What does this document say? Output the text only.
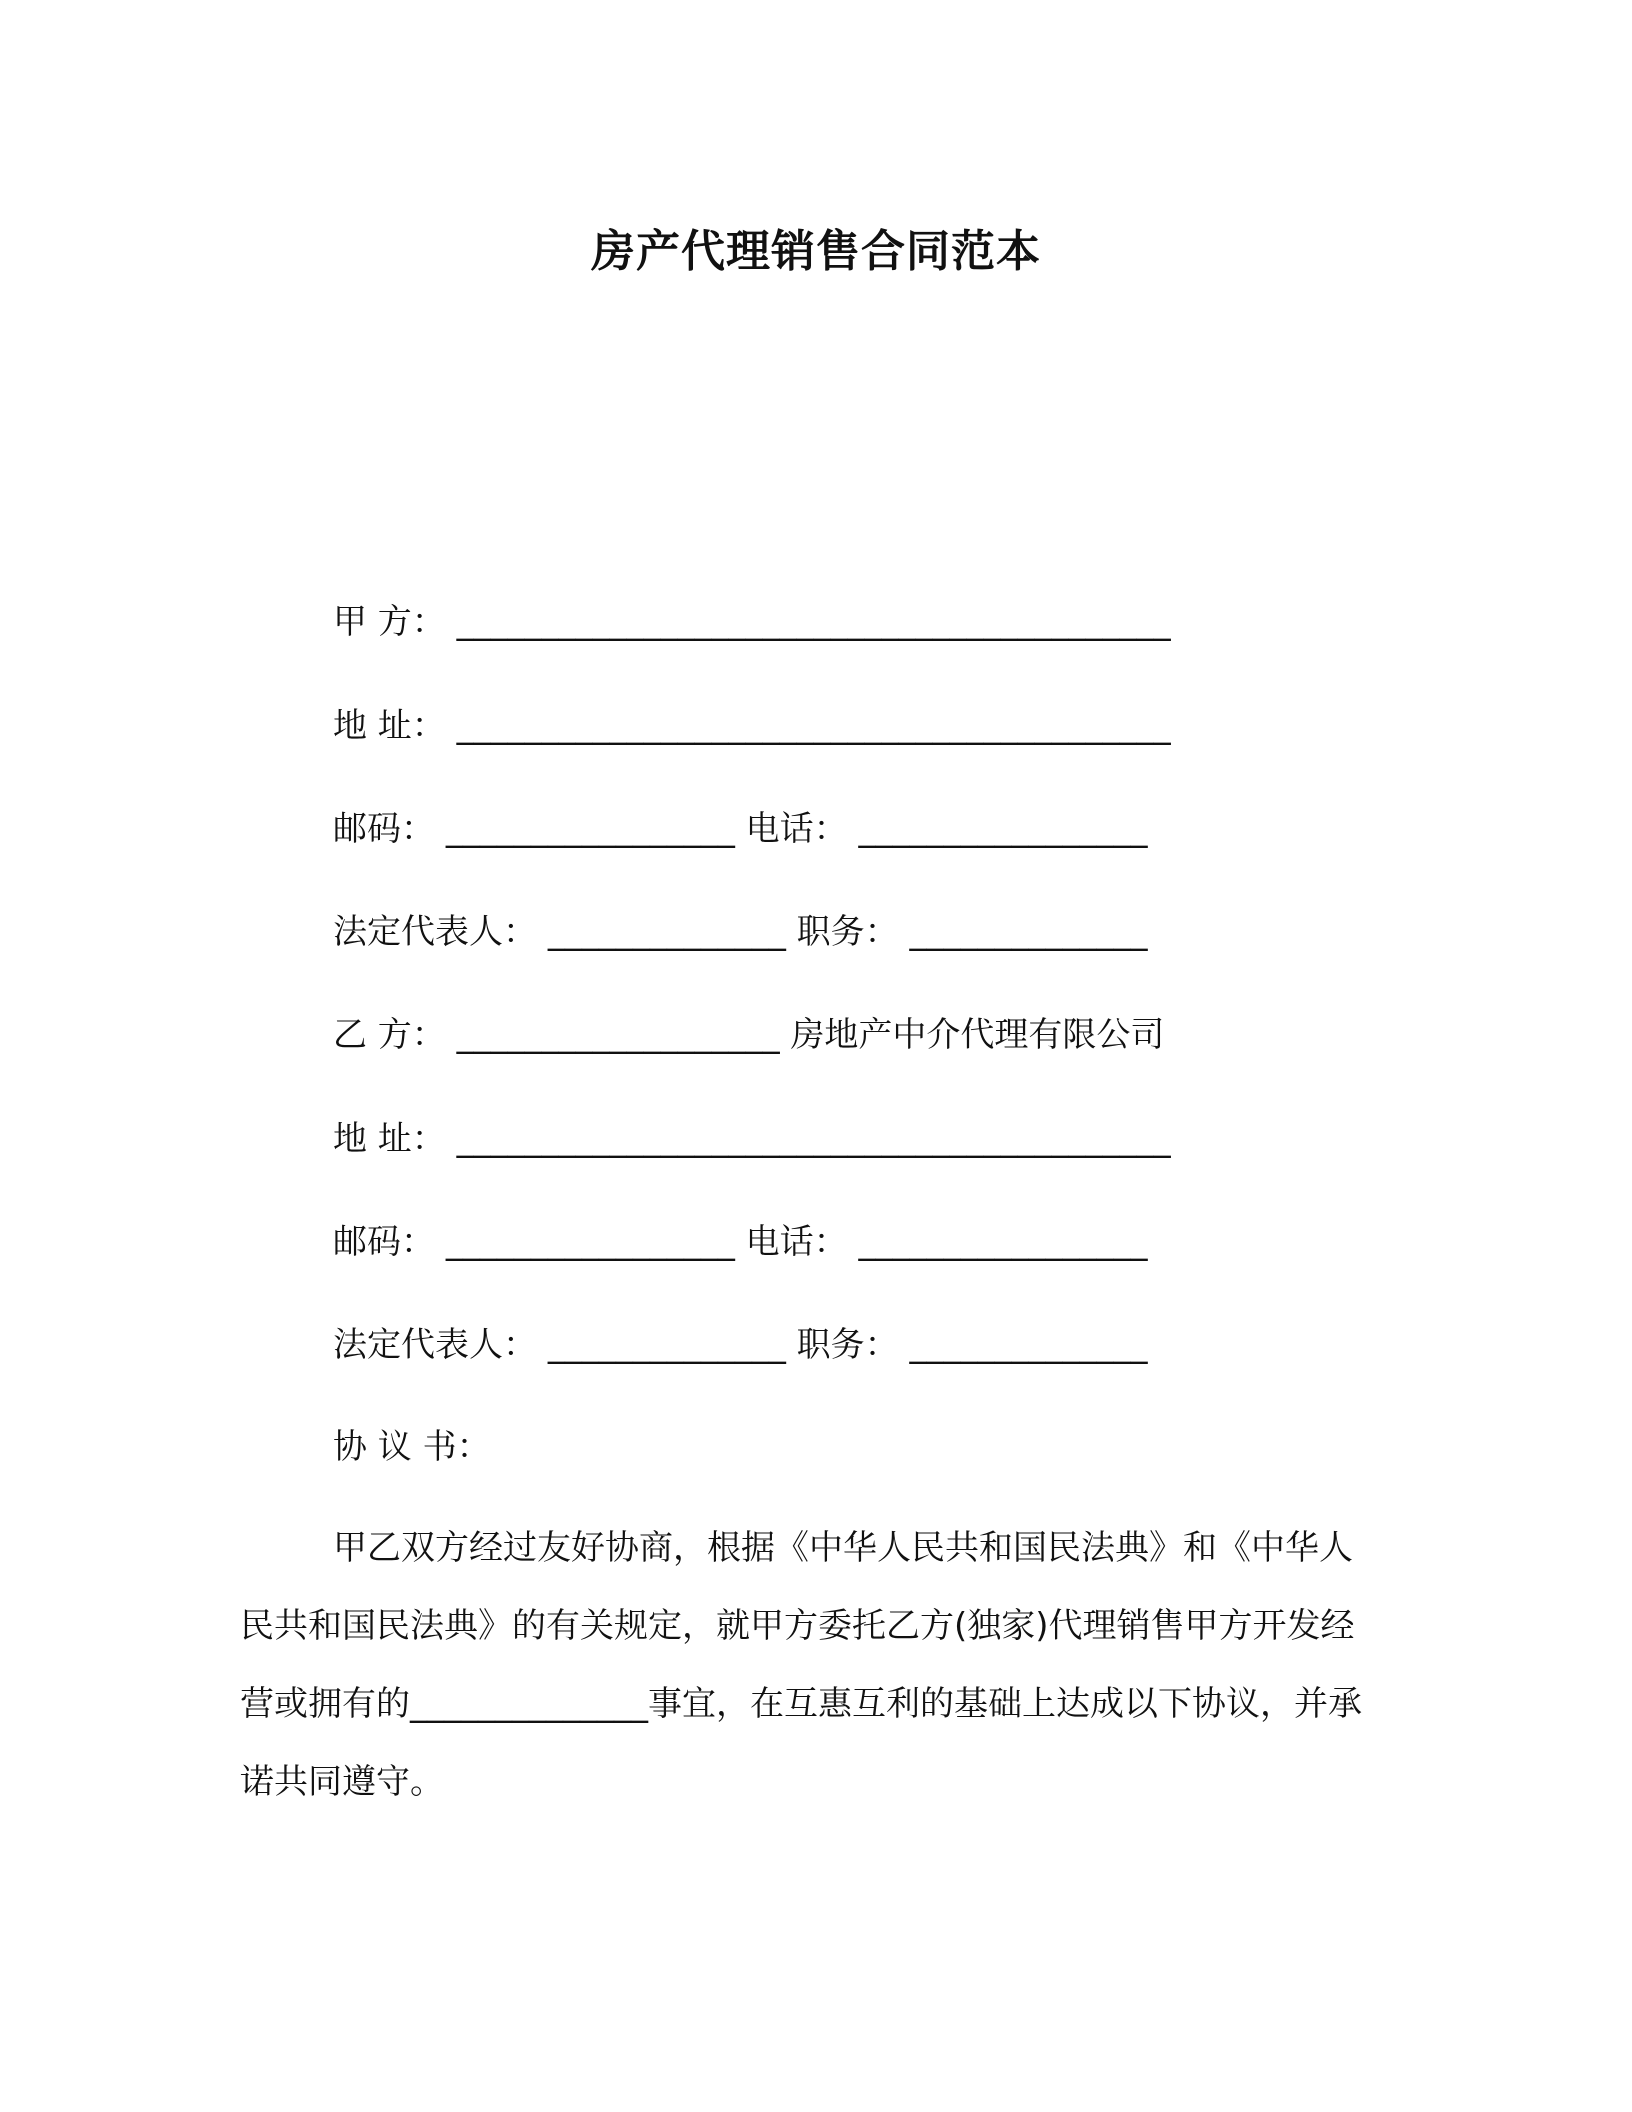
房产代理销售合同范本
甲 方： __________________________________________
地 址： __________________________________________
邮码： _________________ 电话： _________________
法定代表人： ______________ 职务： ______________
乙 方： ___________________ 房地产中介代理有限公司
地 址： __________________________________________
邮码： _________________ 电话： _________________
法定代表人： ______________ 职务： ______________
协 议 书：
甲乙双方经过友好协商，根据《中华人民共和国民法典》和《中华人民共和国民法典》的有关规定，就甲方委托乙方(独家)代理销售甲方开发经营或拥有的______________事宜，在互惠互利的基础上达成以下协议，并承诺共同遵守。
